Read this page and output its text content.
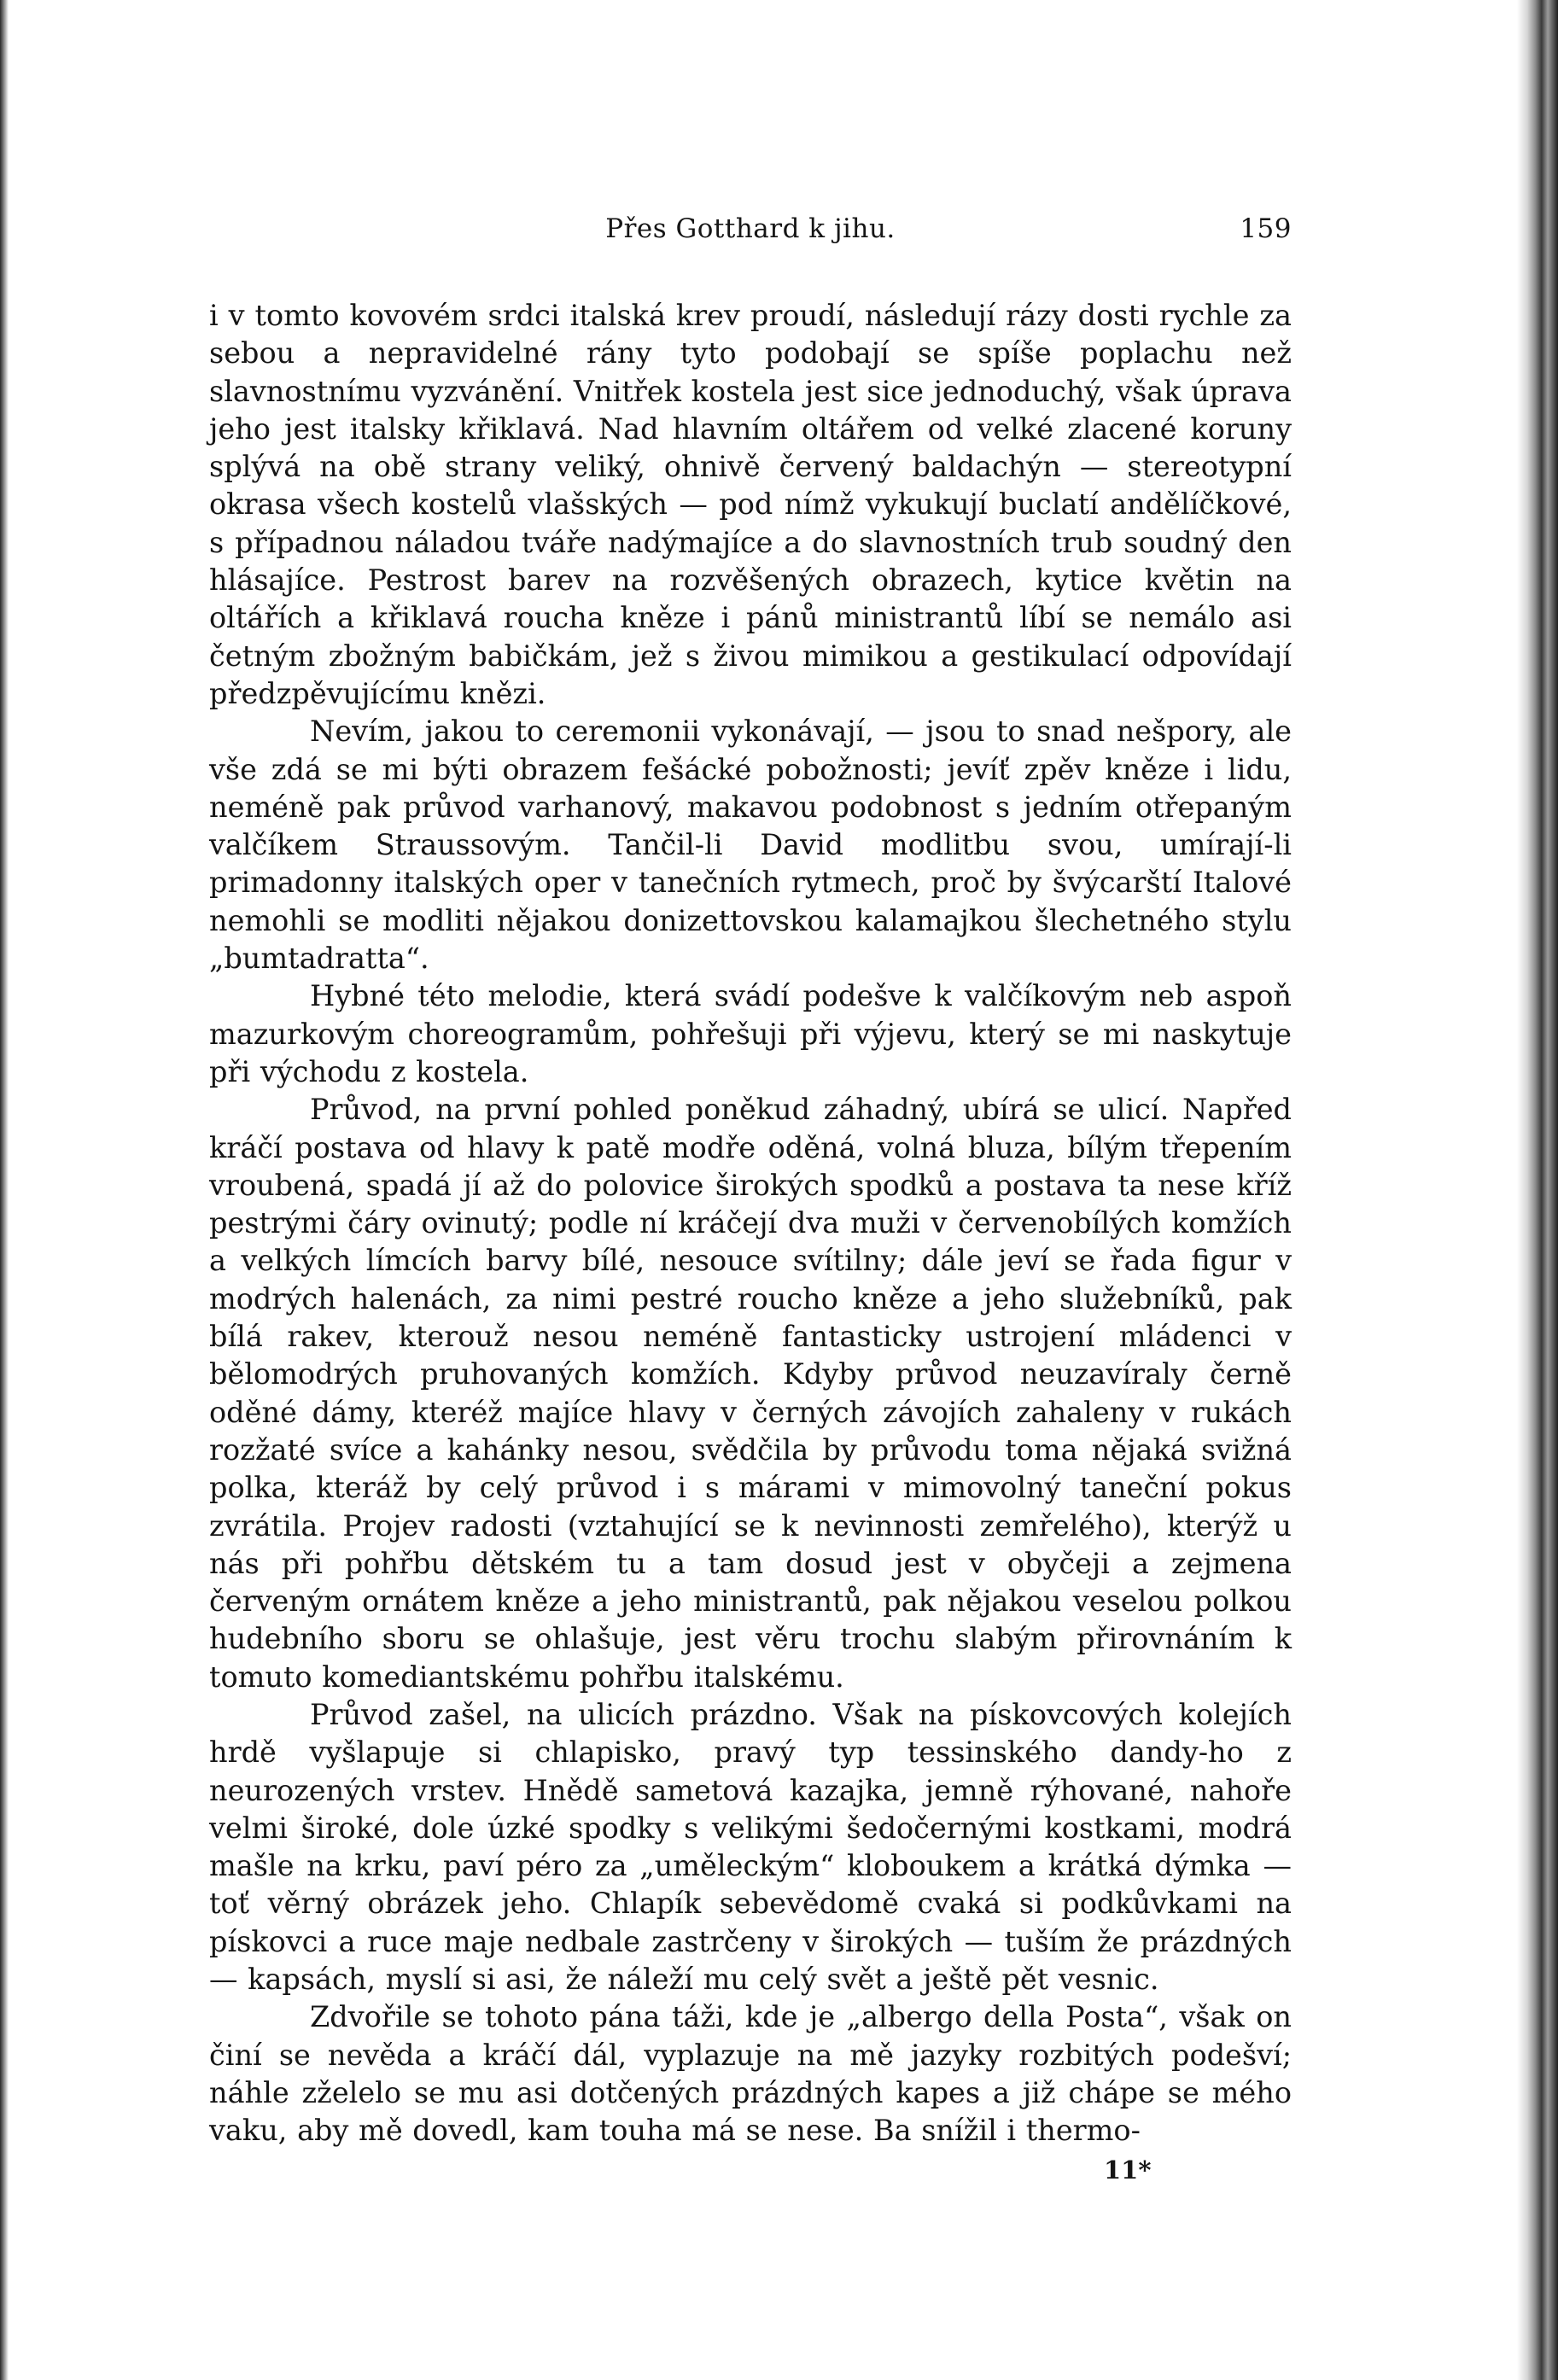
Přes Gotthard k jihu.	159

i v tomto kovovém srdci italská krev proudí, následují rázy dosti rychle za sebou a nepravidelné rány tyto podobají se spíše poplachu než slavnostnímu vyzvánění. Vnitřek kostela jest sice jednoduchý, však úprava jeho jest italsky křiklavá. Nad hlavním oltářem od velké zlacené koruny splývá na obě strany veliký, ohnivě červený baldachýn — stereotypní okrasa všech kostelů vlašských — pod nímž vykukují buclatí andělíčkové, s případnou náladou tváře nadýmajíce a do slavnostních trub soudný den hlásajíce. Pestrost barev na rozvěšených obrazech, kytice květin na oltářích a křiklavá roucha kněze i pánů ministrantů líbí se nemálo asi četným zbožným babičkám, jež s živou mimikou a gestikulací odpovídají předzpěvujícímu knězi.

Nevím, jakou to ceremonii vykonávají, — jsou to snad nešpory, ale vše zdá se mi býti obrazem fešácké pobožnosti; jevíť zpěv kněze i lidu, neméně pak průvod varhanový, makavou podobnost s jedním otřepaným valčíkem Straussovým. Tančil-li David modlitbu svou, umírají-li primadonny italských oper v tanečních rytmech, proč by švýcarští Italové nemohli se modliti nějakou donizettovskou kalamajkou šlechetného stylu „bumtadratta“.

Hybné této melodie, která svádí podešve k valčíkovým neb aspoň mazurkovým choreogramům, pohřešuji při výjevu, který se mi naskytuje při východu z kostela.

Průvod, na první pohled poněkud záhadný, ubírá se ulicí. Napřed kráčí postava od hlavy k patě modře oděná, volná bluza, bílým třepením vroubená, spadá jí až do polovice širokých spodků a postava ta nese kříž pestrými čáry ovinutý; podle ní kráčejí dva muži v červenobílých komžích a velkých límcích barvy bílé, nesouce svítilny; dále jeví se řada figur v modrých halenách, za nimi pestré roucho kněze a jeho služebníků, pak bílá rakev, kterouž nesou neméně fantasticky ustrojení mládenci v bělomodrých pruhovaných komžích. Kdyby průvod neuzavíraly černě oděné dámy, kteréž majíce hlavy v černých závojích zahaleny v rukách rozžaté svíce a kahánky nesou, svědčila by průvodu toma nějaká svižná polka, kteráž by celý průvod i s márami v mimovolný taneční pokus zvrátila. Projev radosti (vztahující se k nevinnosti zemřelého), kterýž u nás při pohřbu dětském tu a tam dosud jest v obyčeji a zejmena červeným ornátem kněze a jeho ministrantů, pak nějakou veselou polkou hudebního sboru se ohlašuje, jest věru trochu slabým přirovnáním k tomuto komediantskému pohřbu italskému.

Průvod zašel, na ulicích prázdno. Však na pískovcových kolejích hrdě vyšlapuje si chlapisko, pravý typ tessinského dandy-ho z neurozených vrstev. Hnědě sametová kazajka, jemně rýhované, nahoře velmi široké, dole úzké spodky s velikými šedočernými kostkami, modrá mašle na krku, paví péro za „uměleckým“ kloboukem a krátká dýmka — toť věrný obrázek jeho. Chlapík sebevědomě cvaká si podkůvkami na pískovci a ruce maje nedbale zastrčeny v širokých — tuším že prázdných — kapsách, myslí si asi, že náleží mu celý svět a ještě pět vesnic.

Zdvořile se tohoto pána táži, kde je „albergo della Posta“, však on činí se nevěda a kráčí dál, vyplazuje na mě jazyky rozbitých podešví; náhle zželelo se mu asi dotčených prázdných kapes a již chápe se mého vaku, aby mě dovedl, kam touha má se nese. Ba snížil i thermo-

11*
